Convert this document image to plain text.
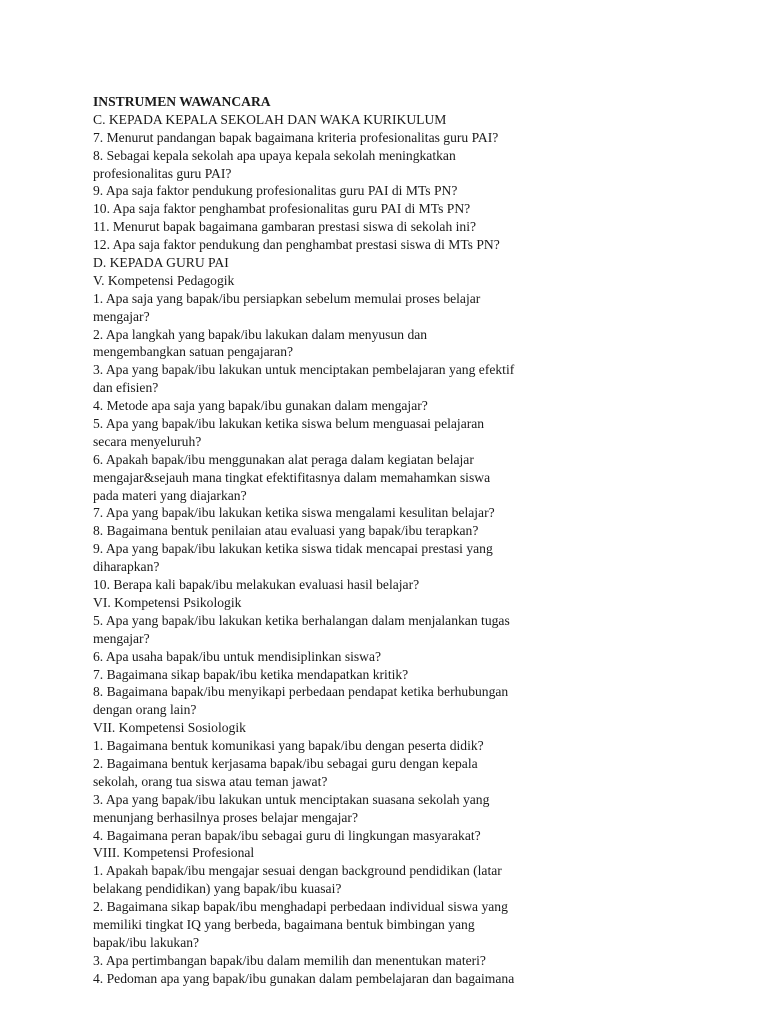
INSTRUMEN WAWANCARA
C. KEPADA KEPALA SEKOLAH DAN WAKA KURIKULUM
7. Menurut pandangan bapak bagaimana kriteria profesionalitas guru PAI?
8. Sebagai kepala sekolah apa upaya kepala sekolah meningkatkan
profesionalitas guru PAI?
9. Apa saja faktor pendukung profesionalitas guru PAI di MTs PN?
10. Apa saja faktor penghambat profesionalitas guru PAI di MTs PN?
11. Menurut bapak bagaimana gambaran prestasi siswa di sekolah ini?
12. Apa saja faktor pendukung dan penghambat prestasi siswa di MTs PN?
D. KEPADA GURU PAI
V. Kompetensi Pedagogik
1. Apa saja yang bapak/ibu persiapkan sebelum memulai proses belajar
mengajar?
2. Apa langkah yang bapak/ibu lakukan dalam menyusun dan
mengembangkan satuan pengajaran?
3. Apa yang bapak/ibu lakukan untuk menciptakan pembelajaran yang efektif
dan efisien?
4. Metode apa saja yang bapak/ibu gunakan dalam mengajar?
5. Apa yang bapak/ibu lakukan ketika siswa belum menguasai pelajaran
secara menyeluruh?
6. Apakah bapak/ibu menggunakan alat peraga dalam kegiatan belajar
mengajar&sejauh mana tingkat efektifitasnya dalam memahamkan siswa
pada materi yang diajarkan?
7. Apa yang bapak/ibu lakukan ketika siswa mengalami kesulitan belajar?
8. Bagaimana bentuk penilaian atau evaluasi yang bapak/ibu terapkan?
9. Apa yang bapak/ibu lakukan ketika siswa tidak mencapai prestasi yang
diharapkan?
10. Berapa kali bapak/ibu melakukan evaluasi hasil belajar?
VI. Kompetensi Psikologik
5. Apa yang bapak/ibu lakukan ketika berhalangan dalam menjalankan tugas
mengajar?
6. Apa usaha bapak/ibu untuk mendisiplinkan siswa?
7. Bagaimana sikap bapak/ibu ketika mendapatkan kritik?
8. Bagaimana bapak/ibu menyikapi perbedaan pendapat ketika berhubungan
dengan orang lain?
VII. Kompetensi Sosiologik
1. Bagaimana bentuk komunikasi yang bapak/ibu dengan peserta didik?
2. Bagaimana bentuk kerjasama bapak/ibu sebagai guru dengan kepala
sekolah, orang tua siswa atau teman jawat?
3. Apa yang bapak/ibu lakukan untuk menciptakan suasana sekolah yang
menunjang berhasilnya proses belajar mengajar?
4. Bagaimana peran bapak/ibu sebagai guru di lingkungan masyarakat?
VIII. Kompetensi Profesional
1. Apakah bapak/ibu mengajar sesuai dengan background pendidikan (latar
belakang pendidikan) yang bapak/ibu kuasai?
2. Bagaimana sikap bapak/ibu menghadapi perbedaan individual siswa yang
memiliki tingkat IQ yang berbeda, bagaimana bentuk bimbingan yang
bapak/ibu lakukan?
3. Apa pertimbangan bapak/ibu dalam memilih dan menentukan materi?
4. Pedoman apa yang bapak/ibu gunakan dalam pembelajaran dan bagaimana
